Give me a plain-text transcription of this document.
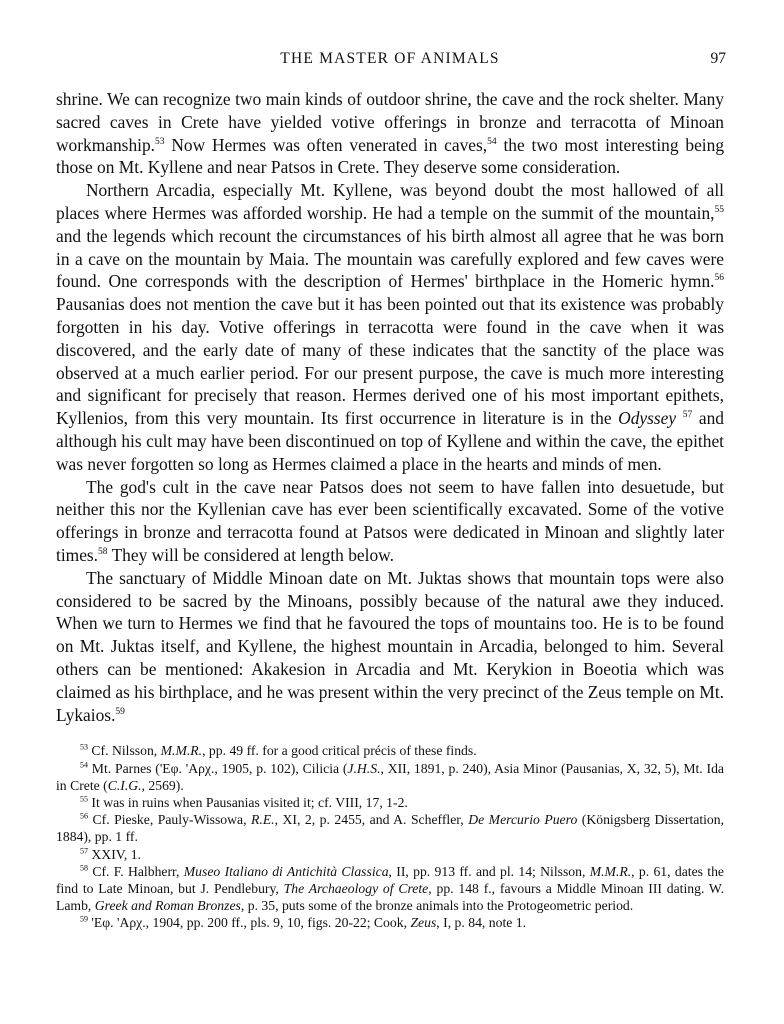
THE MASTER OF ANIMALS	97

shrine. We can recognize two main kinds of outdoor shrine, the cave and the rock shelter. Many sacred caves in Crete have yielded votive offerings in bronze and terracotta of Minoan workmanship.$^{53}$ Now Hermes was often venerated in caves,$^{54}$ the two most interesting being those on Mt. Kyllene and near Patsos in Crete. They deserve some consideration.

Northern Arcadia, especially Mt. Kyllene, was beyond doubt the most hallowed of all places where Hermes was afforded worship. He had a temple on the summit of the mountain,$^{55}$ and the legends which recount the circumstances of his birth almost all agree that he was born in a cave on the mountain by Maia. The mountain was carefully explored and few caves were found. One corresponds with the description of Hermes' birthplace in the Homeric hymn.$^{56}$ Pausanias does not mention the cave but it has been pointed out that its existence was probably forgotten in his day. Votive offerings in terracotta were found in the cave when it was discovered, and the early date of many of these indicates that the sanctity of the place was observed at a much earlier period. For our present purpose, the cave is much more interesting and significant for precisely that reason. Hermes derived one of his most important epithets, Kyllenios, from this very mountain. Its first occurrence in literature is in the Odyssey $^{57}$ and although his cult may have been discontinued on top of Kyllene and within the cave, the epithet was never forgotten so long as Hermes claimed a place in the hearts and minds of men.

The god's cult in the cave near Patsos does not seem to have fallen into desuetude, but neither this nor the Kyllenian cave has ever been scientifically excavated. Some of the votive offerings in bronze and terracotta found at Patsos were dedicated in Minoan and slightly later times.$^{58}$ They will be considered at length below.

The sanctuary of Middle Minoan date on Mt. Juktas shows that mountain tops were also considered to be sacred by the Minoans, possibly because of the natural awe they induced. When we turn to Hermes we find that he favoured the tops of mountains too. He is to be found on Mt. Juktas itself, and Kyllene, the highest mountain in Arcadia, belonged to him. Several others can be mentioned: Akakesion in Arcadia and Mt. Kerykion in Boeotia which was claimed as his birthplace, and he was present within the very precinct of the Zeus temple on Mt. Lykaios.$^{59}$

$^{53}$ Cf. Nilsson, M.M.R., pp. 49 ff. for a good critical précis of these finds.

$^{54}$ Mt. Parnes ('Eφ. 'Aρχ., 1905, p. 102), Cilicia (J.H.S., XII, 1891, p. 240), Asia Minor (Pausanias, X, 32, 5), Mt. Ida in Crete (C.I.G., 2569).

$^{55}$ It was in ruins when Pausanias visited it; cf. VIII, 17, 1-2.

$^{56}$ Cf. Pieske, Pauly-Wissowa, R.E., XI, 2, p. 2455, and A. Scheffler, De Mercurio Puero (Königsberg Dissertation, 1884), pp. 1 ff.

$^{57}$ XXIV, 1.

$^{58}$ Cf. F. Halbherr, Museo Italiano di Antichità Classica, II, pp. 913 ff. and pl. 14; Nilsson, M.M.R., p. 61, dates the find to Late Minoan, but J. Pendlebury, The Archaeology of Crete, pp. 148 f., favours a Middle Minoan III dating. W. Lamb, Greek and Roman Bronzes, p. 35, puts some of the bronze animals into the Protogeometric period.

$^{59}$ 'Eφ. 'Aρχ., 1904, pp. 200 ff., pls. 9, 10, figs. 20-22; Cook, Zeus, I, p. 84, note 1.
